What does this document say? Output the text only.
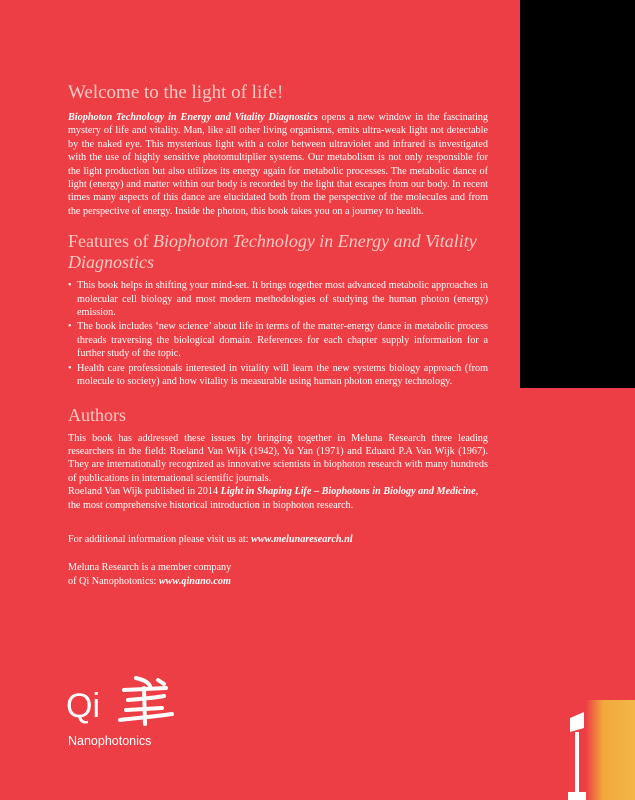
Welcome to the light of life!

Biophoton Technology in Energy and Vitality Diagnostics opens a new window in the fascinating mystery of life and vitality. Man, like all other living organisms, emits ultra-weak light not detectable by the naked eye. This mysterious light with a color between ultraviolet and infrared is investigated with the use of highly sensitive photomultiplier systems. Our metabolism is not only responsible for the light production but also utilizes its energy again for metabolic processes. The metabolic dance of light (energy) and matter within our body is recorded by the light that escapes from our body. In recent times many aspects of this dance are elucidated both from the perspective of the molecules and from the perspective of energy. Inside the photon, this book takes you on a journey to health.

Features of Biophoton Technology in Energy and Vitality Diagnostics
• This book helps in shifting your mind-set. It brings together most advanced metabolic approaches in molecular cell biology and most modern methodologies of studying the human photon (energy) emission.
• The book includes ‘new science’ about life in terms of the matter-energy dance in metabolic process threads traversing the biological domain. References for each chapter supply information for a further study of the topic.
• Health care professionals interested in vitality will learn the new systems biology approach (from molecule to society) and how vitality is measurable using human photon energy technology.
Authors

This book has addressed these issues by bringing together in Meluna Research three leading researchers in the field: Roeland Van Wijk (1942), Yu Yan (1971) and Eduard P.A Van Wijk (1967). They are internationally recognized as innovative scientists in biophoton research with many hundreds of publications in international scientific journals.

Roeland Van Wijk published in 2014 Light in Shaping Life – Biophotons in Biology and Medicine, the most comprehensive historical introduction in biophoton research.

For additional information please visit us at: www.melunaresearch.nl

Meluna Research is a member company
of Qi Nanophotonics: www.qinano.com

Qi
Nanophotonics
